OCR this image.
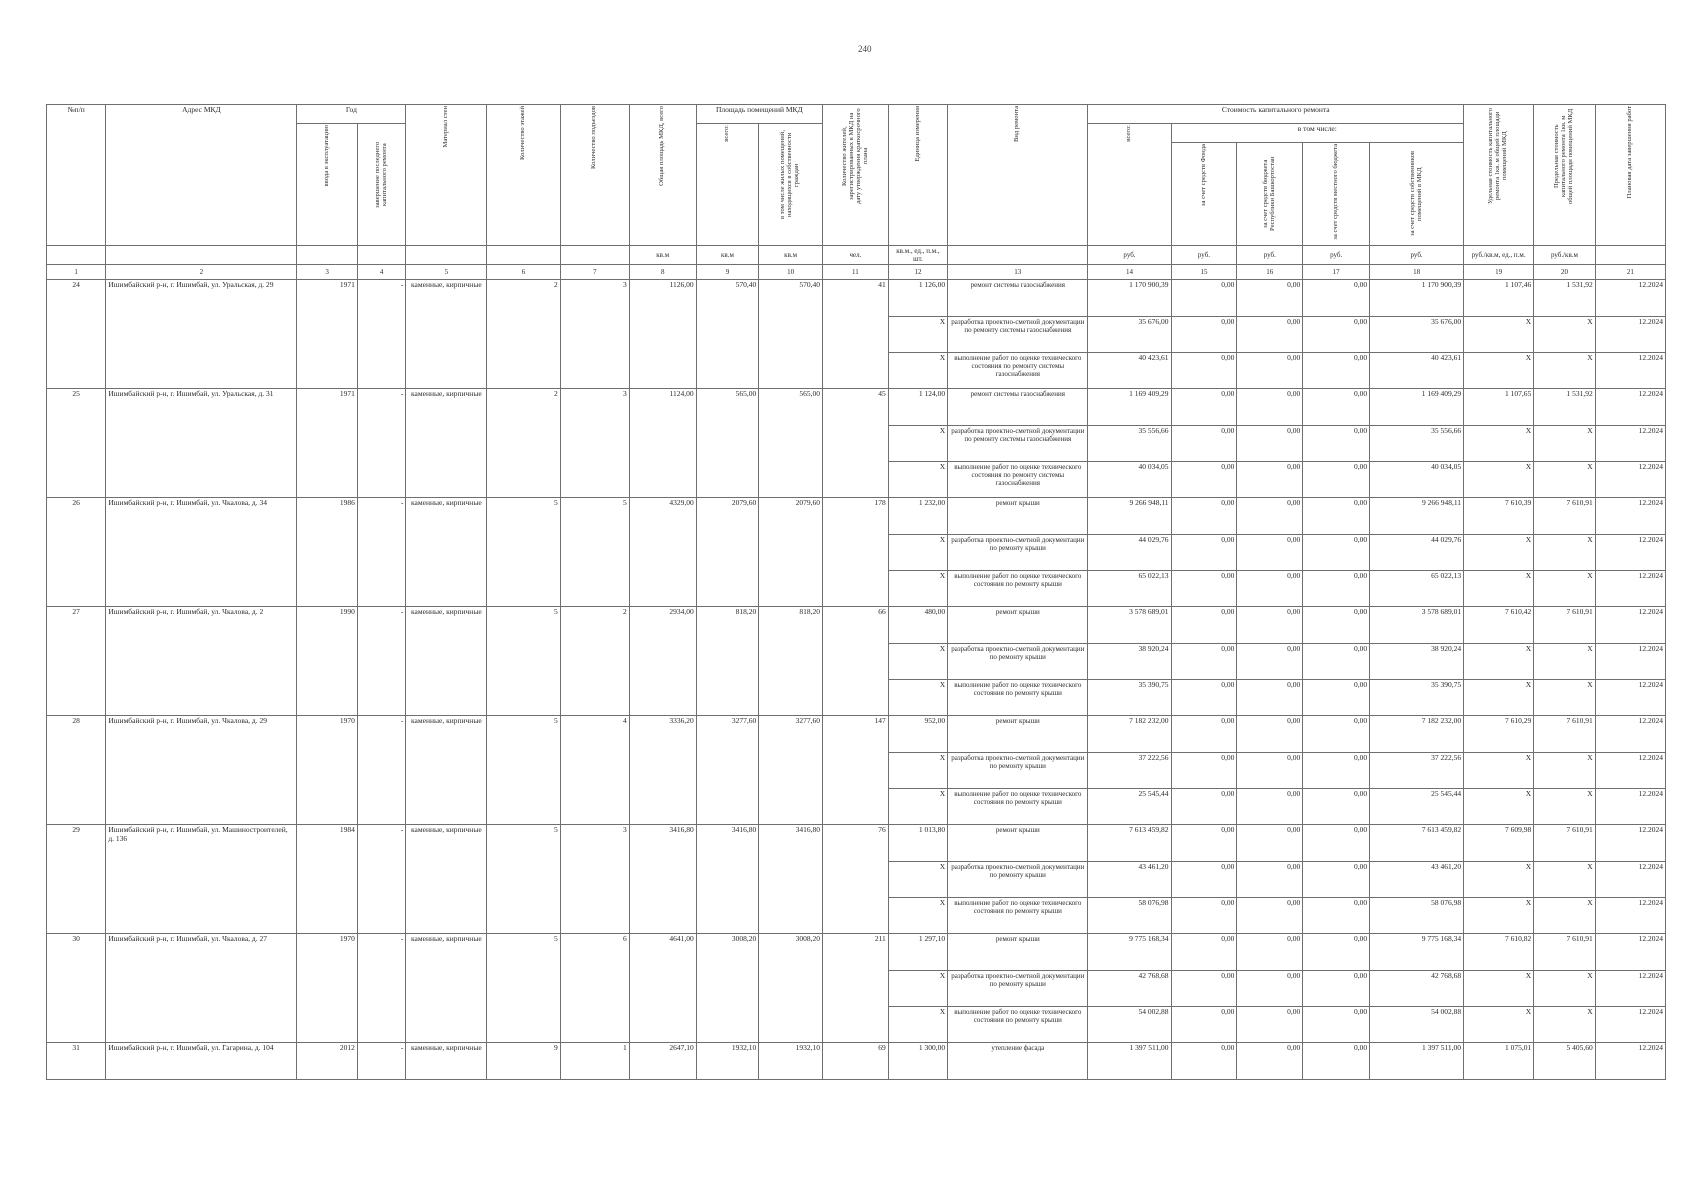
240
№п/п	Адрес МКД	Год		Материал стен	Количество этажей	Количество подъездов	Общая площадь МКД, всего	Площадь помещений МКД		Количество жителей, зарегистрированных в МКД на дату утверждения краткосрочного плана	Единица измерения	Вид ремонта	Стоимость капитального ремонта					Удельная стоимость капитального ремонта 1кв. м общей площади помещений МКД	Предельная стоимость капитального ремонта 1кв. м общей площади помещений МКД	Плановая дата завершения работ

		ввода в эксплуатацию	завершение последнего капитального ремонта					всего:	в том числе жилых помещений, находящихся в собственности граждан				всего:	в том числе:						

														за счет средств Фонда	за счет средств бюджета Республики Башкортостан	за счет средств местного бюджета	за счет средств собственников помещений в МКД			

							кв.м	кв.м	кв.м	чел.	кв.м., ед., п.м., шт.		руб.	руб.	руб.	руб.	руб.	руб./кв.м, ед., п.м.	руб./кв.м	
1	2	3	4	5	6	7	8	9	10	11	12	13	14	15	16	17	18	19	20	21
24	Ишимбайский р-н, г. Ишимбай, ул. Уральская, д. 29	1971	-	каменные, кирпичные	2	3	1126,00	570,40	570,40	41	1 126,00	ремонт системы газоснабжения	1 170 900,39	0,00	0,00	0,00	1 170 900,39	1 107,46	1 531,92	12.2024
											X	разработка проектно-сметной документации по ремонту системы газоснабжения	35 676,00	0,00	0,00	0,00	35 676,00	X	X	12.2024
											X	выполнение работ по оценке технического состояния по ремонту системы газоснабжения	40 423,61	0,00	0,00	0,00	40 423,61	X	X	12.2024
25	Ишимбайский р-н, г. Ишимбай, ул. Уральская, д. 31	1971	-	каменные, кирпичные	2	3	1124,00	565,00	565,00	45	1 124,00	ремонт системы газоснабжения	1 169 409,29	0,00	0,00	0,00	1 169 409,29	1 107,65	1 531,92	12.2024
											X	разработка проектно-сметной документации по ремонту системы газоснабжения	35 556,66	0,00	0,00	0,00	35 556,66	X	X	12.2024
											X	выполнение работ по оценке технического состояния по ремонту системы газоснабжения	40 034,05	0,00	0,00	0,00	40 034,05	X	X	12.2024
26	Ишимбайский р-н, г. Ишимбай, ул. Чкалова, д. 34	1986	-	каменные, кирпичные	5	5	4329,00	2079,60	2079,60	178	1 232,00	ремонт крыши	9 266 948,11	0,00	0,00	0,00	9 266 948,11	7 610,39	7 610,91	12.2024
											X	разработка проектно-сметной документации по ремонту крыши	44 029,76	0,00	0,00	0,00	44 029,76	X	X	12.2024
											X	выполнение работ по оценке технического состояния по ремонту крыши	65 022,13	0,00	0,00	0,00	65 022,13	X	X	12.2024
27	Ишимбайский р-н, г. Ишимбай, ул. Чкалова, д. 2	1990	-	каменные, кирпичные	5	2	2934,00	818,20	818,20	66	480,00	ремонт крыши	3 578 689,01	0,00	0,00	0,00	3 578 689,01	7 610,42	7 610,91	12.2024
											X	разработка проектно-сметной документации по ремонту крыши	38 920,24	0,00	0,00	0,00	38 920,24	X	X	12.2024
											X	выполнение работ по оценке технического состояния по ремонту крыши	35 390,75	0,00	0,00	0,00	35 390,75	X	X	12.2024
28	Ишимбайский р-н, г. Ишимбай, ул. Чкалова, д. 29	1970	-	каменные, кирпичные	5	4	3336,20	3277,60	3277,60	147	952,00	ремонт крыши	7 182 232,00	0,00	0,00	0,00	7 182 232,00	7 610,29	7 610,91	12.2024
											X	разработка проектно-сметной документации по ремонту крыши	37 222,56	0,00	0,00	0,00	37 222,56	X	X	12.2024
											X	выполнение работ по оценке технического состояния по ремонту крыши	25 545,44	0,00	0,00	0,00	25 545,44	X	X	12.2024
29	Ишимбайский р-н, г. Ишимбай, ул. Машиностроителей, д. 136	1984	-	каменные, кирпичные	5	3	3416,80	3416,80	3416,80	76	1 013,80	ремонт крыши	7 613 459,82	0,00	0,00	0,00	7 613 459,82	7 609,98	7 610,91	12.2024
											X	разработка проектно-сметной документации по ремонту крыши	43 461,20	0,00	0,00	0,00	43 461,20	X	X	12.2024
											X	выполнение работ по оценке технического состояния по ремонту крыши	58 076,98	0,00	0,00	0,00	58 076,98	X	X	12.2024
30	Ишимбайский р-н, г. Ишимбай, ул. Чкалова, д. 27	1970	-	каменные, кирпичные	5	6	4641,00	3008,20	3008,20	211	1 297,10	ремонт крыши	9 775 168,34	0,00	0,00	0,00	9 775 168,34	7 610,82	7 610,91	12.2024
											X	разработка проектно-сметной документации по ремонту крыши	42 768,68	0,00	0,00	0,00	42 768,68	X	X	12.2024
											X	выполнение работ по оценке технического состояния по ремонту крыши	54 002,88	0,00	0,00	0,00	54 002,88	X	X	12.2024
31	Ишимбайский р-н, г. Ишимбай, ул. Гагарина, д. 104	2012	-	каменные, кирпичные	9	1	2647,10	1932,10	1932,10	69	1 300,00	утепление фасада	1 397 511,00	0,00	0,00	0,00	1 397 511,00	1 075,01	5 405,60	12.2024
